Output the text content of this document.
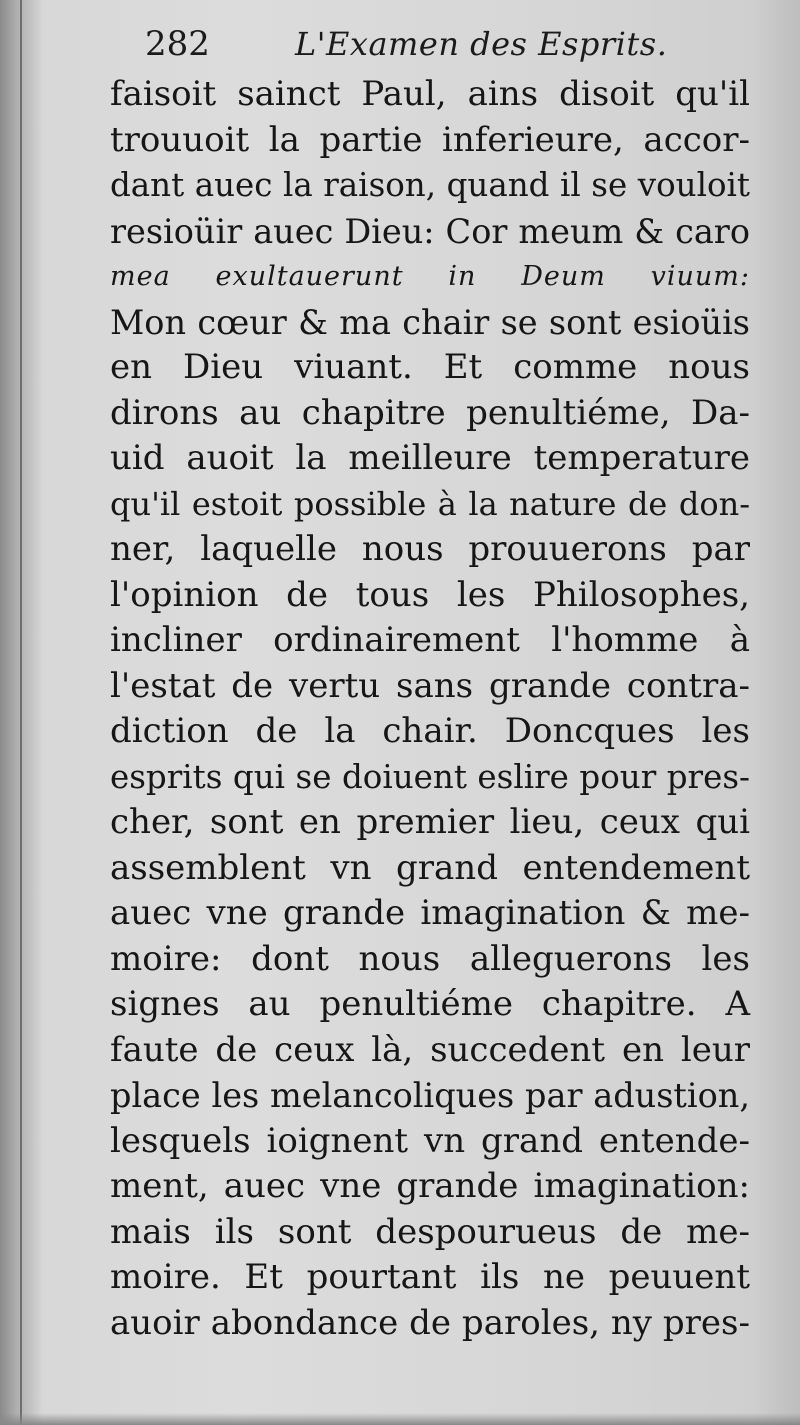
282	L'Examen des Esprits.
faisoit sainct Paul, ains disoit qu'il
trouuoit la partie inferieure, accor-
dant auec la raison, quand il se vouloit
resioüir auec Dieu: Cor meum & caro
mea exultauerunt in Deum viuum:
Mon cœur & ma chair se sont esioüis
en Dieu viuant. Et comme nous
dirons au chapitre penultiéme, Da-
uid auoit la meilleure temperature
qu'il estoit possible à la nature de don-
ner, laquelle nous prouuerons par
l'opinion de tous les Philosophes,
incliner ordinairement l'homme à
l'estat de vertu sans grande contra-
diction de la chair. Doncques les
esprits qui se doiuent eslire pour pres-
cher, sont en premier lieu, ceux qui
assemblent vn grand entendement
auec vne grande imagination & me-
moire: dont nous alleguerons les
signes au penultiéme chapitre. A
faute de ceux là, succedent en leur
place les melancoliques par adustion,
lesquels ioignent vn grand entende-
ment, auec vne grande imagination:
mais ils sont despourueus de me-
moire. Et pourtant ils ne peuuent
auoir abondance de paroles, ny pres-
